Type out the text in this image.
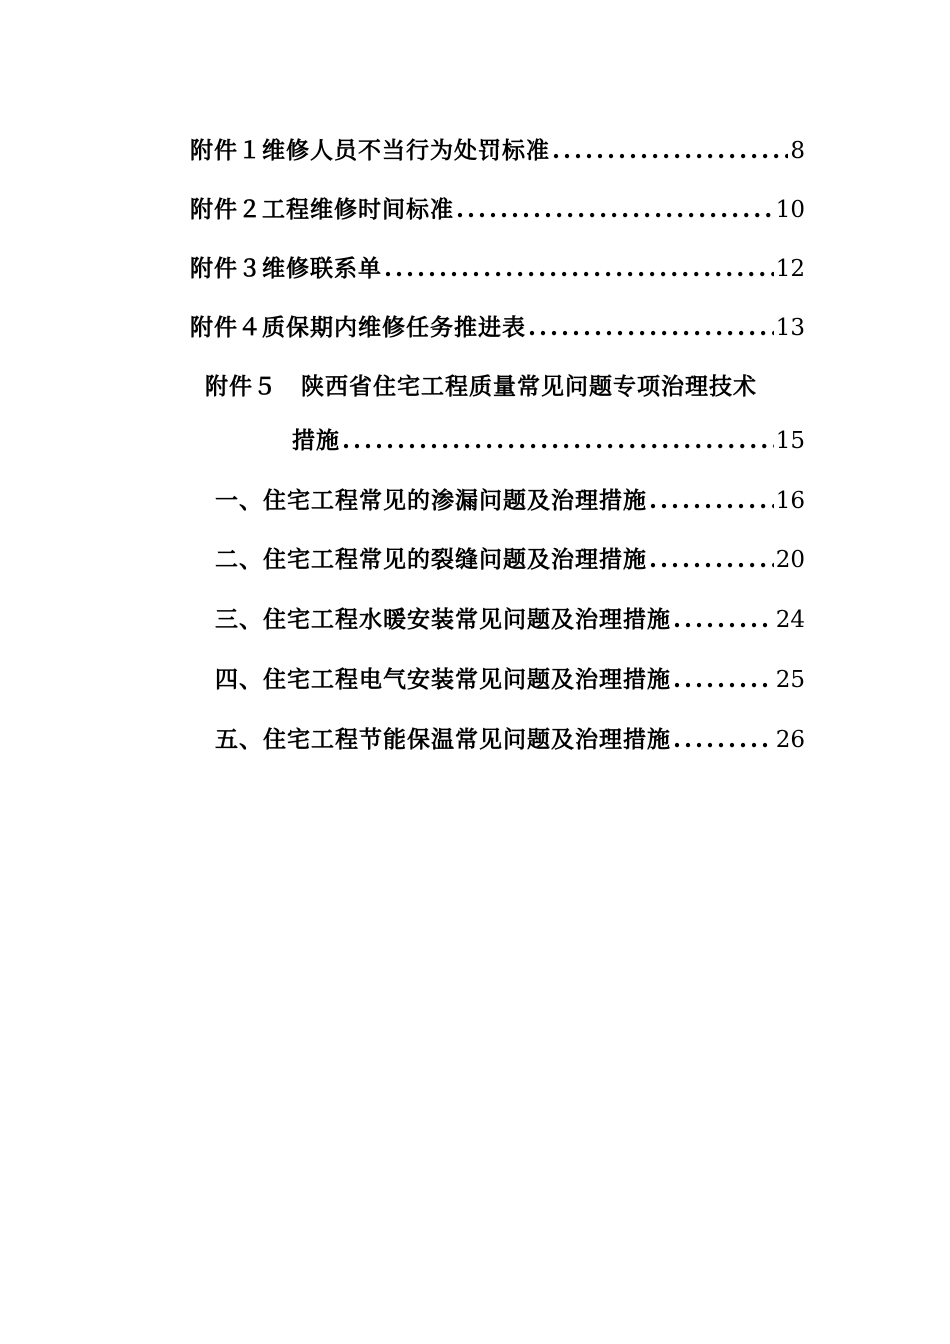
附件１ 维修人员不当行为处罚标准 .....	8
附件２ 工程维修时间标准 .....	10
附件３ 维修联系单 .....	12
附件４ 质保期内维修任务推进表 .....	13
附件５ 陕西省住宅工程质量常见问题专项治理技术
措施 .....	15
一、住宅工程常见的渗漏问题及治理措施 .....	16
二、住宅工程常见的裂缝问题及治理措施 .....	20
三、住宅工程水暖安装常见问题及治理措施 .....	24
四、住宅工程电气安装常见问题及治理措施 .....	25
五、住宅工程节能保温常见问题及治理措施 .....	26
